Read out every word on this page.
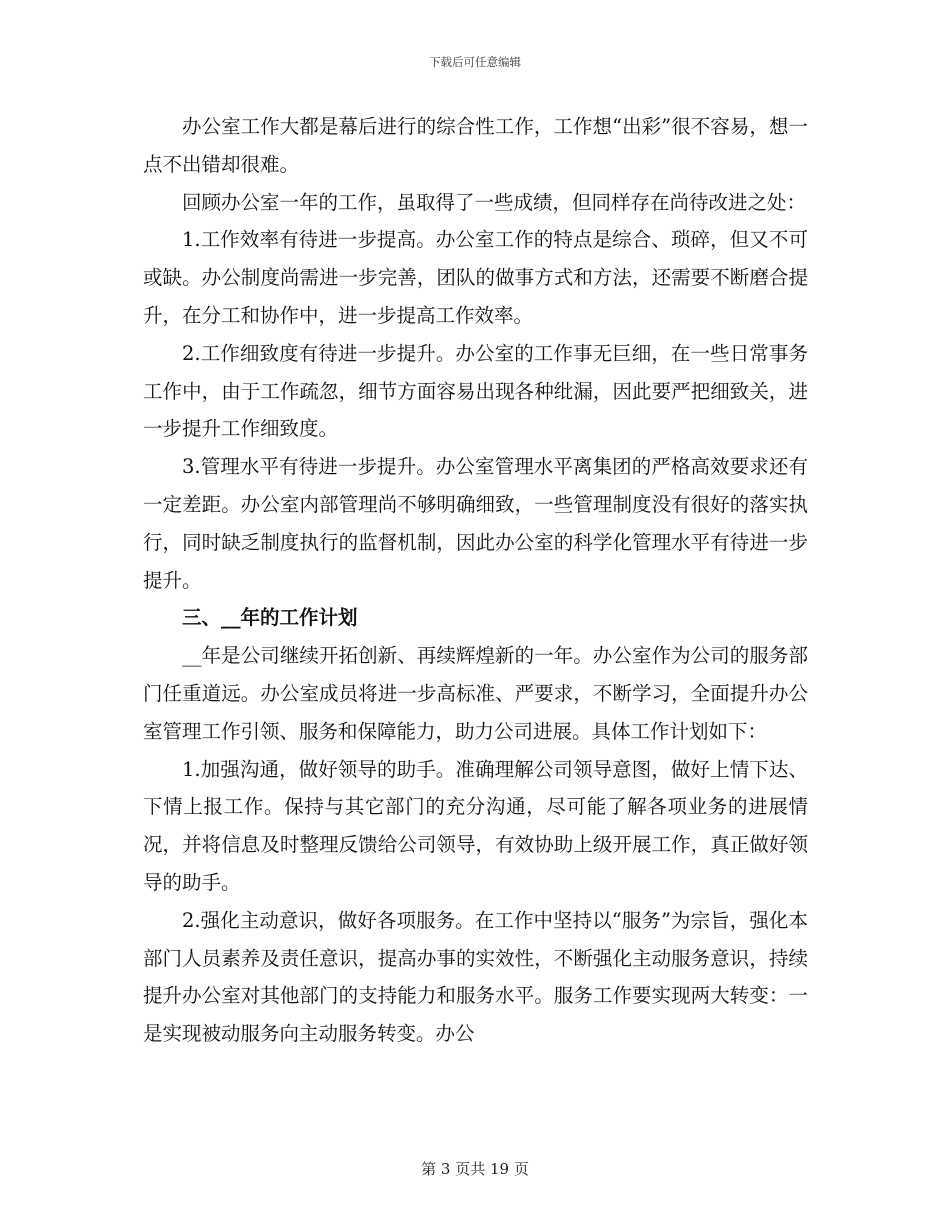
下载后可任意编辑

办公室工作大都是幕后进行的综合性工作，工作想“出彩”很不容易，想一点不出错却很难。

回顾办公室一年的工作，虽取得了一些成绩，但同样存在尚待改进之处：

1.工作效率有待进一步提高。办公室工作的特点是综合、琐碎，但又不可或缺。办公制度尚需进一步完善，团队的做事方式和方法，还需要不断磨合提升，在分工和协作中，进一步提高工作效率。

2.工作细致度有待进一步提升。办公室的工作事无巨细，在一些日常事务工作中，由于工作疏忽，细节方面容易出现各种纰漏，因此要严把细致关，进一步提升工作细致度。

3.管理水平有待进一步提升。办公室管理水平离集团的严格高效要求还有一定差距。办公室内部管理尚不够明确细致，一些管理制度没有很好的落实执行，同时缺乏制度执行的监督机制，因此办公室的科学化管理水平有待进一步提升。

三、__年的工作计划

__年是公司继续开拓创新、再续辉煌新的一年。办公室作为公司的服务部门任重道远。办公室成员将进一步高标准、严要求，不断学习，全面提升办公室管理工作引领、服务和保障能力，助力公司进展。具体工作计划如下：

1.加强沟通，做好领导的助手。准确理解公司领导意图，做好上情下达、下情上报工作。保持与其它部门的充分沟通，尽可能了解各项业务的进展情况，并将信息及时整理反馈给公司领导，有效协助上级开展工作，真正做好领导的助手。

2.强化主动意识，做好各项服务。在工作中坚持以“服务”为宗旨，强化本部门人员素养及责任意识，提高办事的实效性，不断强化主动服务意识，持续提升办公室对其他部门的支持能力和服务水平。服务工作要实现两大转变：一是实现被动服务向主动服务转变。办公

第 3 页共 19 页
